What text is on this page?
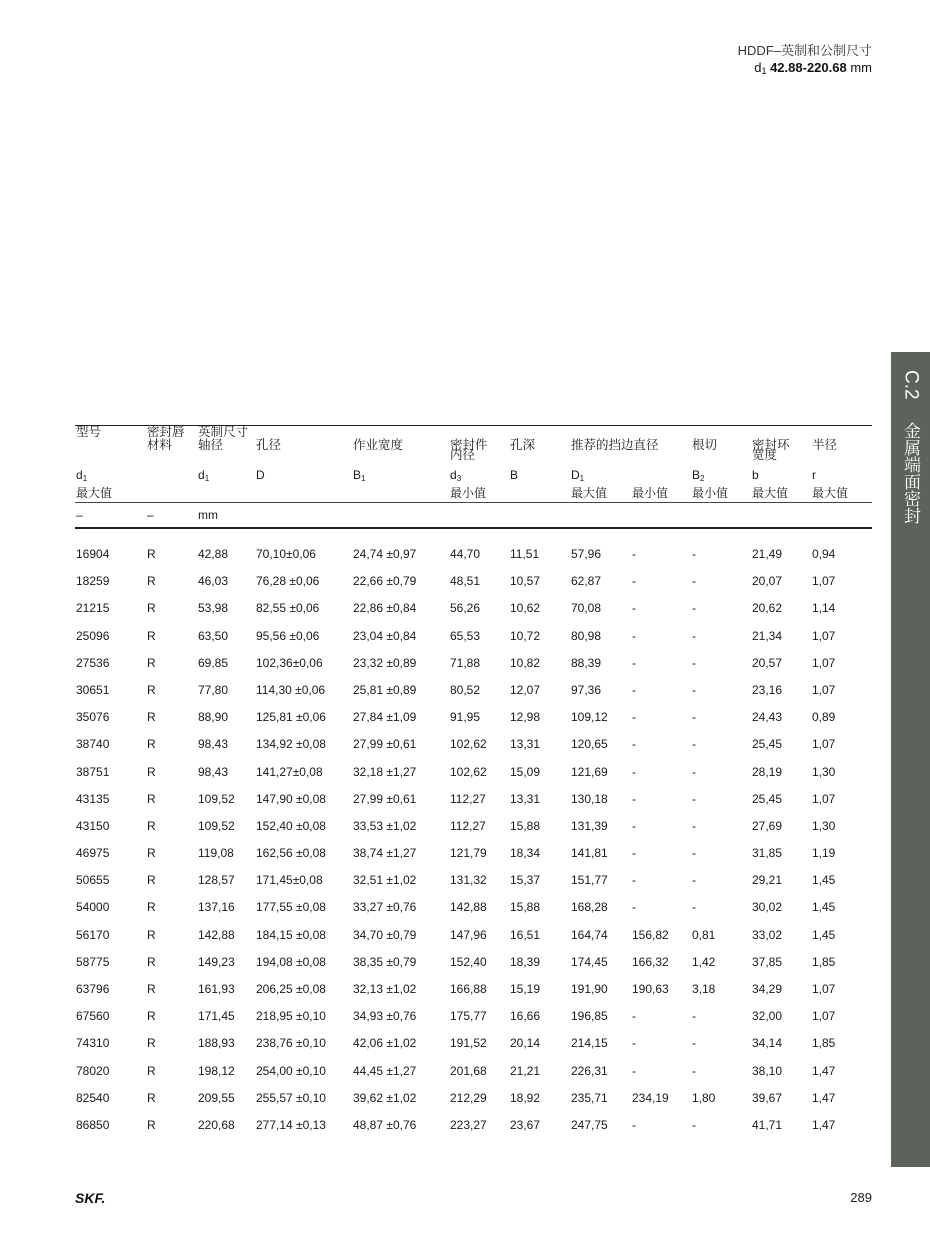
HDDF–英制和公制尺寸
$d_1$ 42.88-220.68 mm
C.2
金属端面密封
型号	密封唇	英制尺寸									
	材料	轴径	孔径	作业宽度	密封件
内径	孔深	推荐的挡边直径		根切	密封环
宽度	半径
$d_1$		$d_1$	D	$B_1$	$d_3$	B	$D_1$		$B_2$	b	r
最大值					最小值		最大值	最小值	最小值	最大值	最大值
–	–	mm									

16904	R	42,88	70,10±0,06	24,74 ±0,97	44,70	11,51	57,96	-	-	21,49	0,94
18259	R	46,03	76,28 ±0,06	22,66 ±0,79	48,51	10,57	62,87	-	-	20,07	1,07
21215	R	53,98	82,55 ±0,06	22,86 ±0,84	56,26	10,62	70,08	-	-	20,62	1,14
25096	R	63,50	95,56 ±0,06	23,04 ±0,84	65,53	10,72	80,98	-	-	21,34	1,07
27536	R	69,85	102,36±0,06	23,32 ±0,89	71,88	10,82	88,39	-	-	20,57	1,07
30651	R	77,80	114,30 ±0,06	25,81 ±0,89	80,52	12,07	97,36	-	-	23,16	1,07
35076	R	88,90	125,81 ±0,06	27,84 ±1,09	91,95	12,98	109,12	-	-	24,43	0,89
38740	R	98,43	134,92 ±0,08	27,99 ±0,61	102,62	13,31	120,65	-	-	25,45	1,07
38751	R	98,43	141,27±0,08	32,18 ±1,27	102,62	15,09	121,69	-	-	28,19	1,30
43135	R	109,52	147,90 ±0,08	27,99 ±0,61	112,27	13,31	130,18	-	-	25,45	1,07
43150	R	109,52	152,40 ±0,08	33,53 ±1,02	112,27	15,88	131,39	-	-	27,69	1,30
46975	R	119,08	162,56 ±0,08	38,74 ±1,27	121,79	18,34	141,81	-	-	31,85	1,19
50655	R	128,57	171,45±0,08	32,51 ±1,02	131,32	15,37	151,77	-	-	29,21	1,45
54000	R	137,16	177,55 ±0,08	33,27 ±0,76	142,88	15,88	168,28	-	-	30,02	1,45
56170	R	142,88	184,15 ±0,08	34,70 ±0,79	147,96	16,51	164,74	156,82	0,81	33,02	1,45
58775	R	149,23	194,08 ±0,08	38,35 ±0,79	152,40	18,39	174,45	166,32	1,42	37,85	1,85
63796	R	161,93	206,25 ±0,08	32,13 ±1,02	166,88	15,19	191,90	190,63	3,18	34,29	1,07
67560	R	171,45	218,95 ±0,10	34,93 ±0,76	175,77	16,66	196,85	-	-	32,00	1,07
74310	R	188,93	238,76 ±0,10	42,06 ±1,02	191,52	20,14	214,15	-	-	34,14	1,85
78020	R	198,12	254,00 ±0,10	44,45 ±1,27	201,68	21,21	226,31	-	-	38,10	1,47
82540	R	209,55	255,57 ±0,10	39,62 ±1,02	212,29	18,92	235,71	234,19	1,80	39,67	1,47
86850	R	220,68	277,14 ±0,13	48,87 ±0,76	223,27	23,67	247,75	-	-	41,71	1,47
SKF.	289
